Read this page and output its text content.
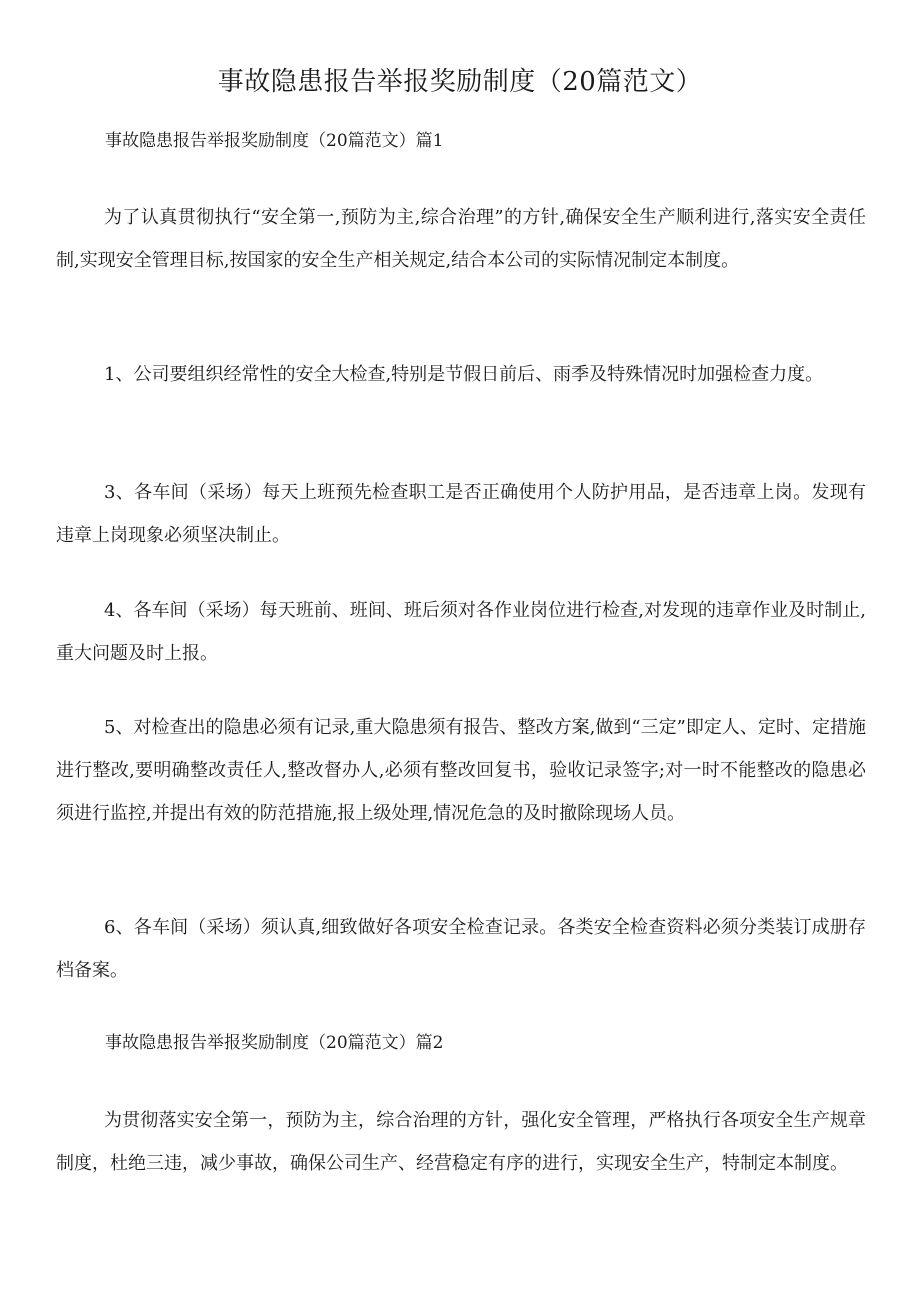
事故隐患报告举报奖励制度（20篇范文）
事故隐患报告举报奖励制度（20篇范文）篇1

为了认真贯彻执行“安全第一,预防为主,综合治理”的方针,确保安全生产顺利进行,落实安全责任制,实现安全管理目标,按国家的安全生产相关规定,结合本公司的实际情况制定本制度。

1、公司要组织经常性的安全大检查,特别是节假日前后、雨季及特殊情况时加强检查力度。

3、各车间（采场）每天上班预先检查职工是否正确使用个人防护用品，是否违章上岗。发现有违章上岗现象必须坚决制止。

4、各车间（采场）每天班前、班间、班后须对各作业岗位进行检查,对发现的违章作业及时制止,重大问题及时上报。

5、对检查出的隐患必须有记录,重大隐患须有报告、整改方案,做到“三定”即定人、定时、定措施进行整改,要明确整改责任人,整改督办人,必须有整改回复书，验收记录签字;对一时不能整改的隐患必须进行监控,并提出有效的防范措施,报上级处理,情况危急的及时撤除现场人员。

6、各车间（采场）须认真,细致做好各项安全检查记录。各类安全检查资料必须分类装订成册存档备案。

事故隐患报告举报奖励制度（20篇范文）篇2

为贯彻落实安全第一，预防为主，综合治理的方针，强化安全管理，严格执行各项安全生产规章制度，杜绝三违，减少事故，确保公司生产、经营稳定有序的进行，实现安全生产，特制定本制度。
